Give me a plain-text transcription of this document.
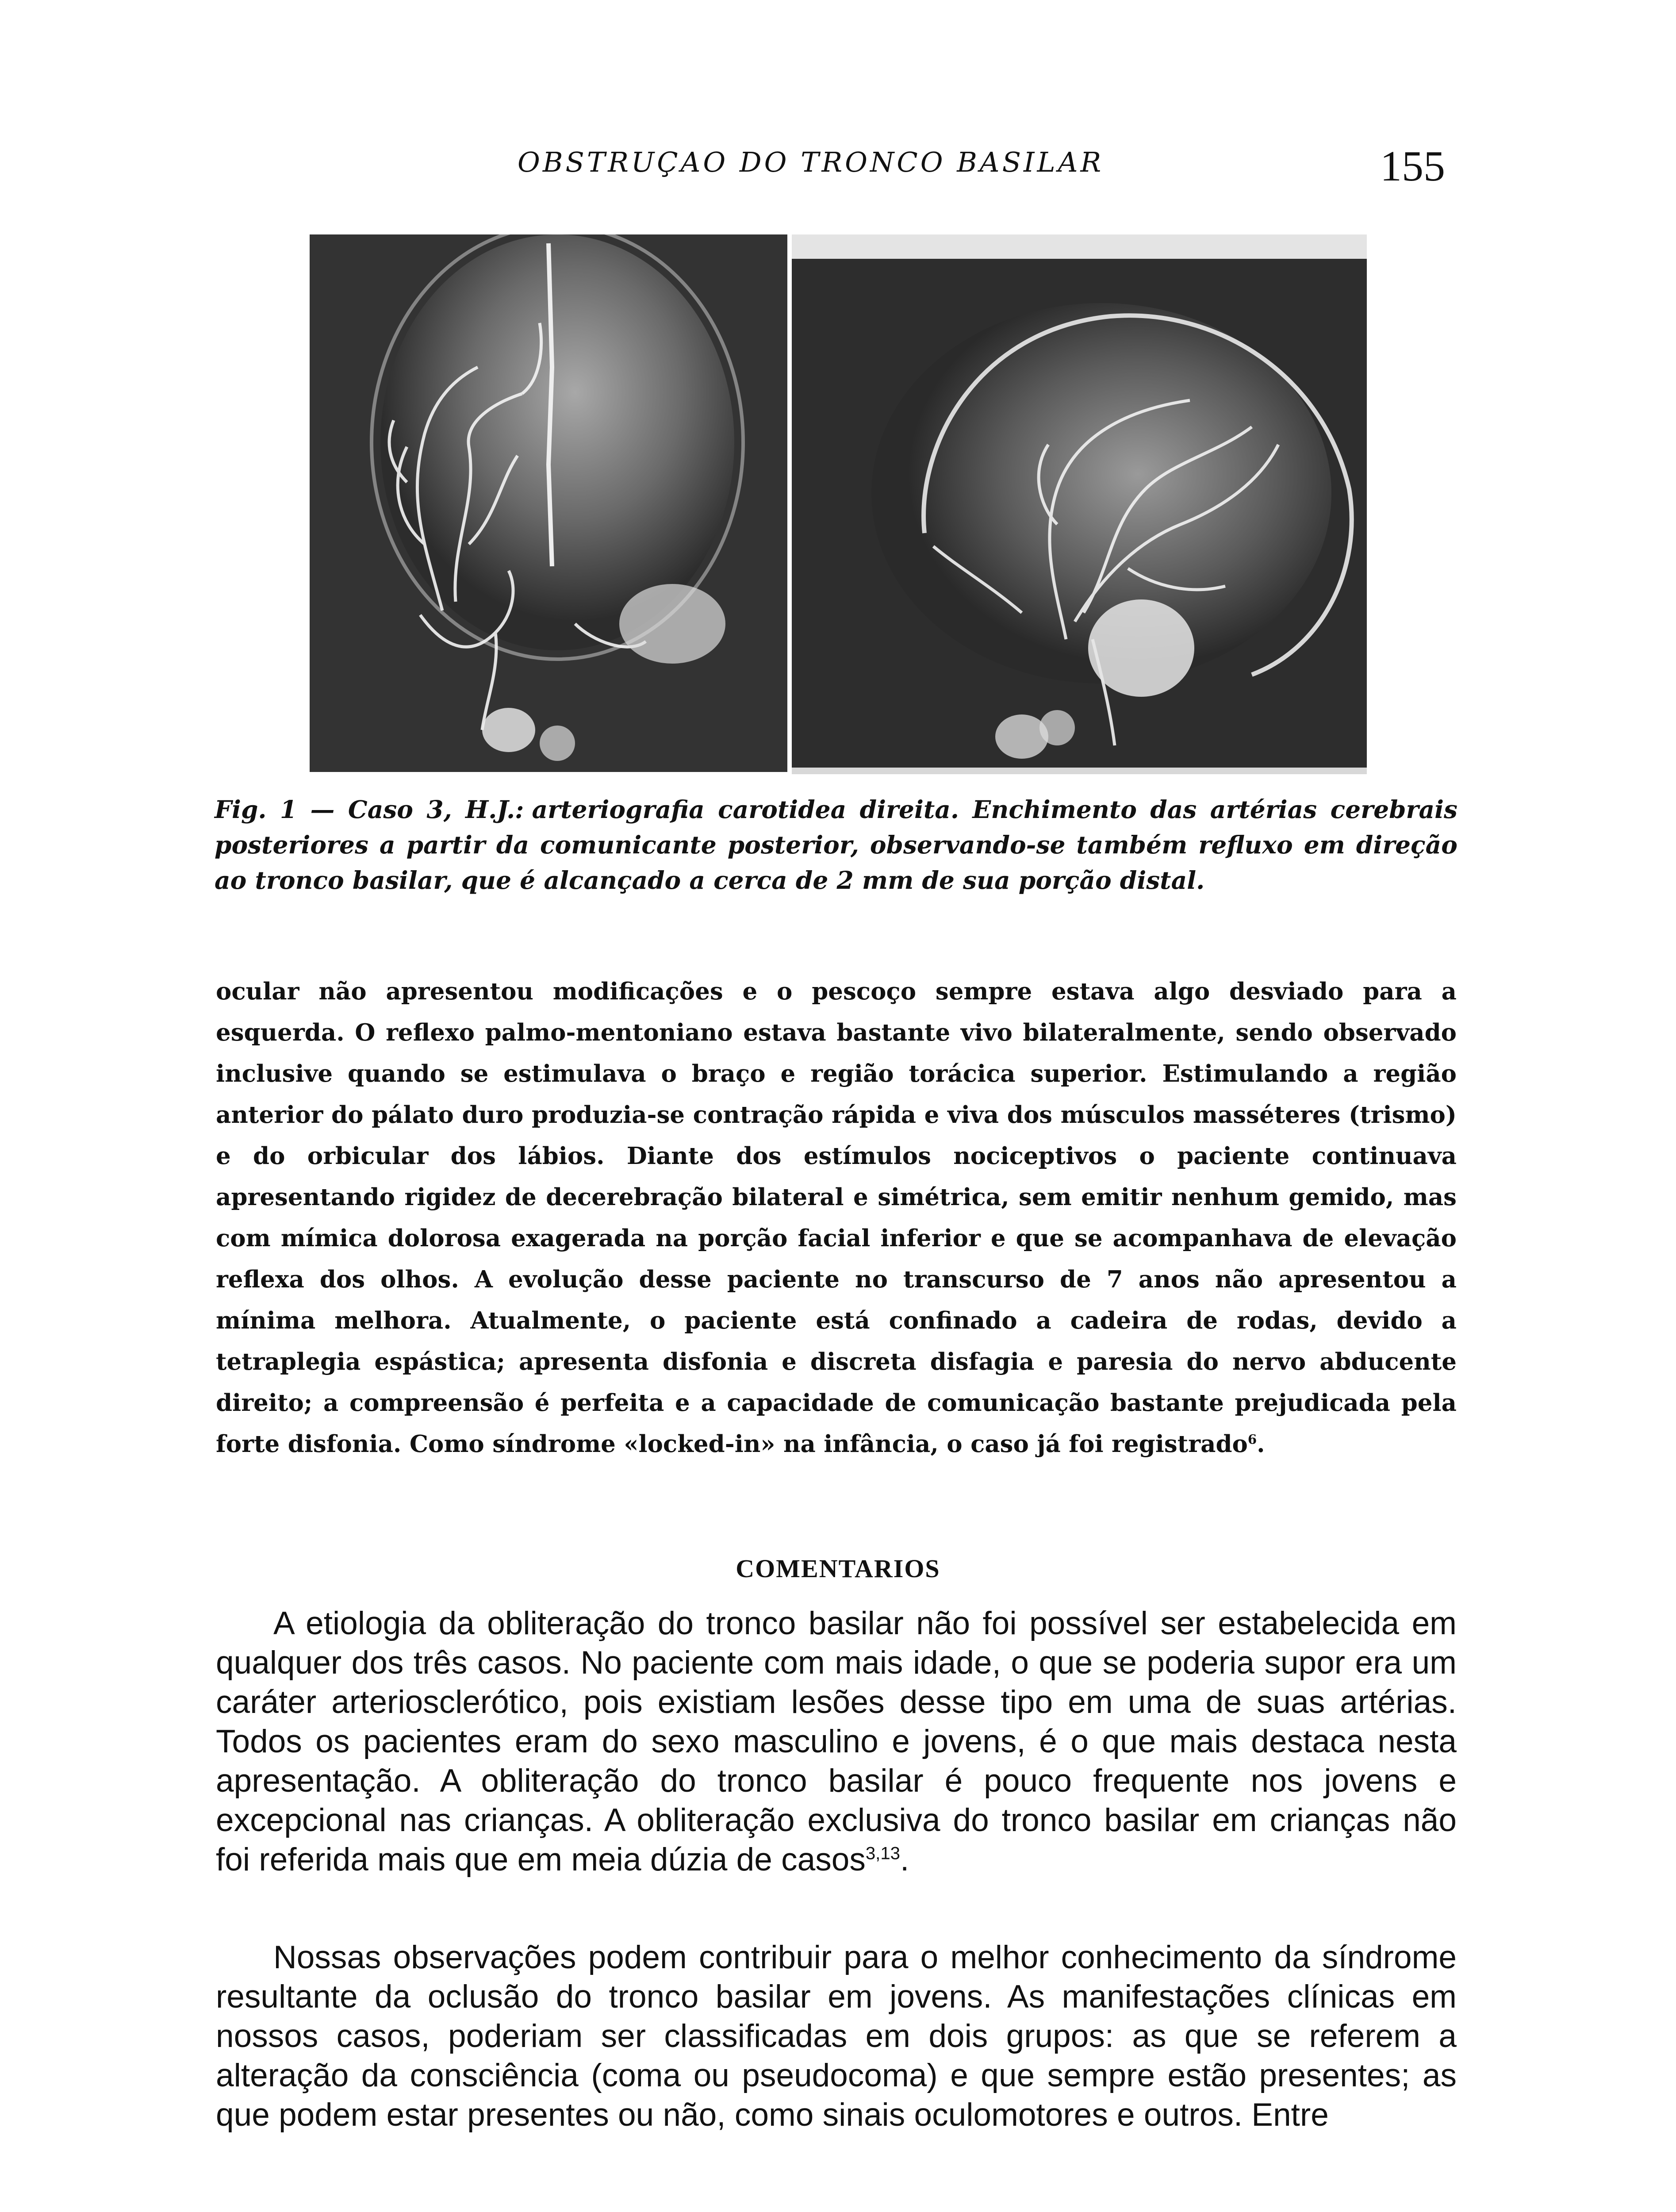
OBSTRUÇAO DO TRONCO BASILAR	155
Fig. 1 — Caso 3, H.J.: arteriografia carotidea direita. Enchimento das artérias cerebrais posteriores a partir da comunicante posterior, observando-se também refluxo em direção ao tronco basilar, que é alcançado a cerca de 2 mm de sua porção distal.
ocular não apresentou modificações e o pescoço sempre estava algo desviado para a esquerda. O reflexo palmo-mentoniano estava bastante vivo bilateralmente, sendo observado inclusive quando se estimulava o braço e região torácica superior. Estimulando a região anterior do pálato duro produzia-se contração rápida e viva dos músculos masséteres (trismo) e do orbicular dos lábios. Diante dos estímulos nociceptivos o paciente continuava apresentando rigidez de decerebração bilateral e simétrica, sem emitir nenhum gemido, mas com mímica dolorosa exagerada na porção facial inferior e que se acompanhava de elevação reflexa dos olhos. A evolução desse paciente no transcurso de 7 anos não apresentou a mínima melhora. Atualmente, o paciente está confinado a cadeira de rodas, devido a tetraplegia espástica; apresenta disfonia e discreta disfagia e paresia do nervo abducente direito; a compreensão é perfeita e a capacidade de comunicação bastante prejudicada pela forte disfonia. Como síndrome «locked-in» na infância, o caso já foi registrado$^6$.
COMENTARIOS

A etiologia da obliteração do tronco basilar não foi possível ser estabelecida em qualquer dos três casos. No paciente com mais idade, o que se poderia supor era um caráter arteriosclerótico, pois existiam lesões desse tipo em uma de suas artérias. Todos os pacientes eram do sexo masculino e jovens, é o que mais destaca nesta apresentação. A obliteração do tronco basilar é pouco frequente nos jovens e excepcional nas crianças. A obliteração exclusiva do tronco basilar em crianças não foi referida mais que em meia dúzia de casos$^{3,13}$.

Nossas observações podem contribuir para o melhor conhecimento da síndrome resultante da oclusão do tronco basilar em jovens. As manifestações clínicas em nossos casos, poderiam ser classificadas em dois grupos: as que se referem a alteração da consciência (coma ou pseudocoma) e que sempre estão presentes; as que podem estar presentes ou não, como sinais oculomotores e outros. Entre
